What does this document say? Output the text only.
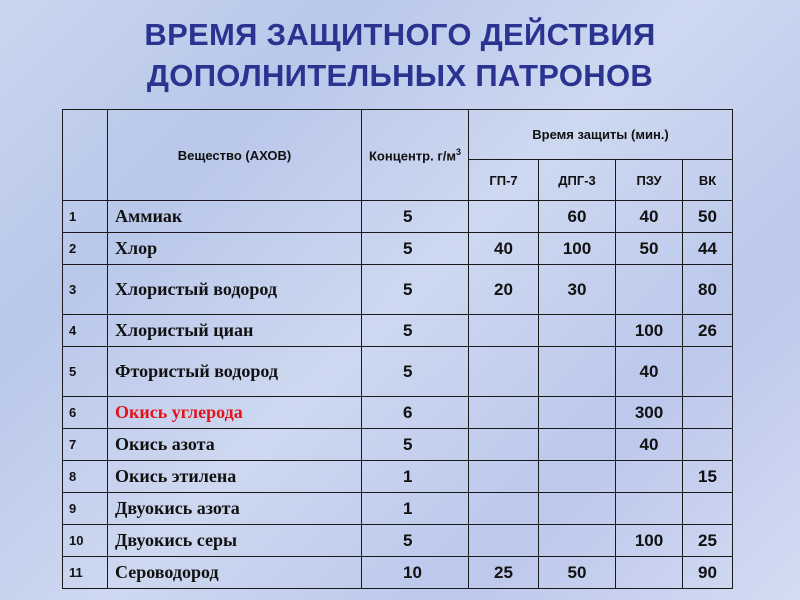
ВРЕМЯ ЗАЩИТНОГО ДЕЙСТВИЯ
ДОПОЛНИТЕЛЬНЫХ ПАТРОНОВ
	Вещество (АХОВ)	Концентр. $г/м^3$	Время защиты (мин.)			
			ГП-7	ДПГ-3	ПЗУ	ВК
1	Аммиак	5		60	40	50
2	Хлор	5	40	100	50	44
3	Хлористый водород	5	20	30		80
4	Хлористый циан	5			100	26
5	Фтористый водород	5			40	
6	Окись углерода	6			300	
7	Окись азота	5			40	
8	Окись этилена	1				15
9	Двуокись азота	1				
10	Двуокись серы	5			100	25
11	Сероводород	10	25	50		90
